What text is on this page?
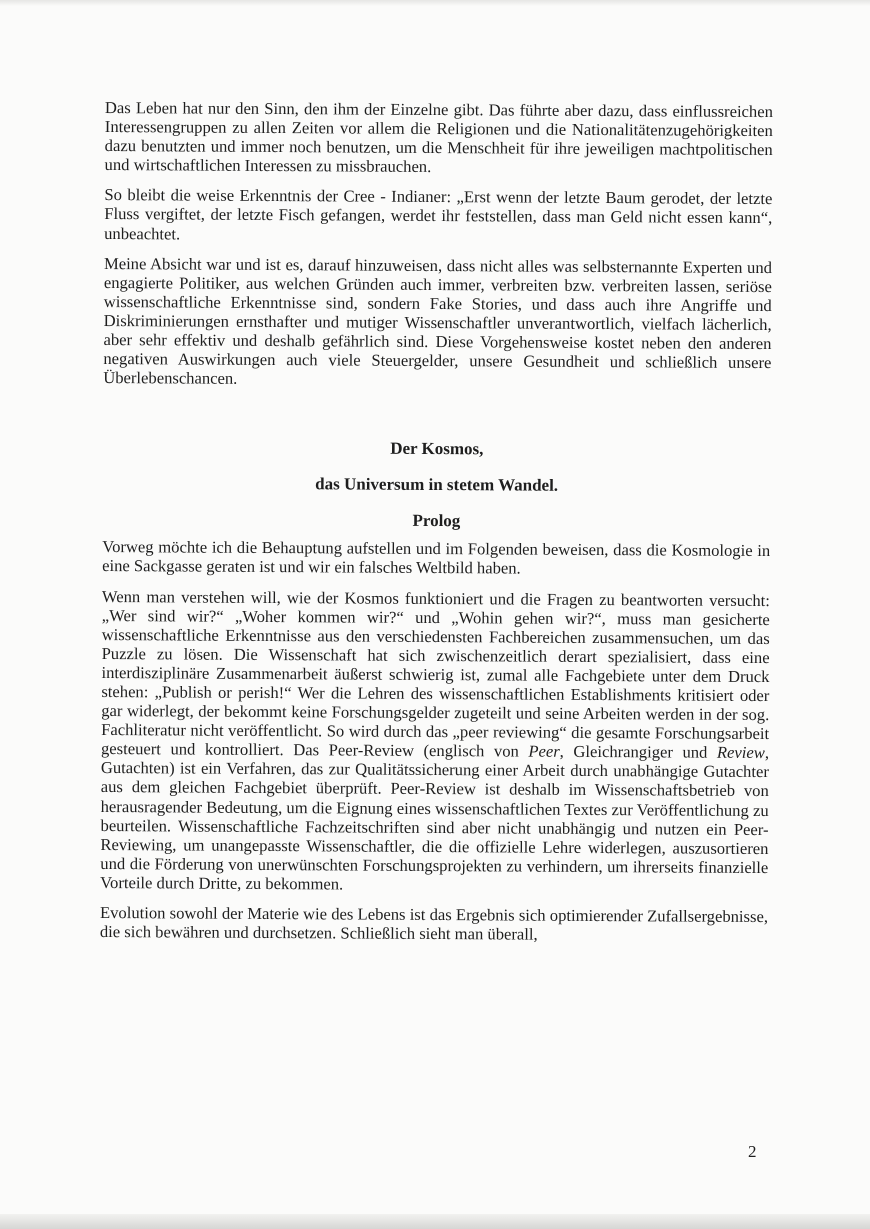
Das Leben hat nur den Sinn, den ihm der Einzelne gibt. Das führte aber dazu, dass einflussreichen Interessengruppen zu allen Zeiten vor allem die Religionen und die Nationalitätenzugehörigkeiten dazu benutzten und immer noch benutzen, um die Menschheit für ihre jeweiligen machtpolitischen und wirtschaftlichen Interessen zu missbrauchen.

So bleibt die weise Erkenntnis der Cree - Indianer: „Erst wenn der letzte Baum gerodet, der letzte Fluss vergiftet, der letzte Fisch gefangen, werdet ihr feststellen, dass man Geld nicht essen kann“, unbeachtet.

Meine Absicht war und ist es, darauf hinzuweisen, dass nicht alles was selbsternannte Experten und engagierte Politiker, aus welchen Gründen auch immer, verbreiten bzw. verbreiten lassen, seriöse wissenschaftliche Erkenntnisse sind, sondern Fake Stories, und dass auch ihre Angriffe und Diskriminierungen ernsthafter und mutiger Wissenschaftler unverantwortlich, vielfach lächerlich, aber sehr effektiv und deshalb gefährlich sind. Diese Vorgehensweise kostet neben den anderen negativen Auswirkungen auch viele Steuergelder, unsere Gesundheit und schließlich unsere Überlebenschancen.

Der Kosmos,
das Universum in stetem Wandel.
Prolog

Vorweg möchte ich die Behauptung aufstellen und im Folgenden beweisen, dass die Kosmologie in eine Sackgasse geraten ist und wir ein falsches Weltbild haben.

Wenn man verstehen will, wie der Kosmos funktioniert und die Fragen zu beantworten versucht: „Wer sind wir?“ „Woher kommen wir?“ und „Wohin gehen wir?“, muss man gesicherte wissenschaftliche Erkenntnisse aus den verschiedensten Fachbereichen zusammensuchen, um das Puzzle zu lösen. Die Wissenschaft hat sich zwischenzeitlich derart spezialisiert, dass eine interdisziplinäre Zusammenarbeit äußerst schwierig ist, zumal alle Fachgebiete unter dem Druck stehen: „Publish or perish!“ Wer die Lehren des wissenschaftlichen Establishments kritisiert oder gar widerlegt, der bekommt keine Forschungsgelder zugeteilt und seine Arbeiten werden in der sog. Fachliteratur nicht veröffentlicht. So wird durch das „peer reviewing“ die gesamte Forschungsarbeit gesteuert und kontrolliert. Das Peer-Review (englisch von Peer, Gleichrangiger und Review, Gutachten) ist ein Verfahren, das zur Qualitätssicherung einer Arbeit durch unabhängige Gutachter aus dem gleichen Fachgebiet überprüft. Peer-Review ist deshalb im Wissenschaftsbetrieb von herausragender Bedeutung, um die Eignung eines wissenschaftlichen Textes zur Veröffentlichung zu beurteilen. Wissenschaftliche Fachzeitschriften sind aber nicht unabhängig und nutzen ein Peer-Reviewing, um unangepasste Wissenschaftler, die die offizielle Lehre widerlegen, auszusortieren und die Förderung von unerwünschten Forschungsprojekten zu verhindern, um ihrerseits finanzielle Vorteile durch Dritte, zu bekommen.

Evolution sowohl der Materie wie des Lebens ist das Ergebnis sich optimierender Zufallsergebnisse, die sich bewähren und durchsetzen. Schließlich sieht man überall,

2
